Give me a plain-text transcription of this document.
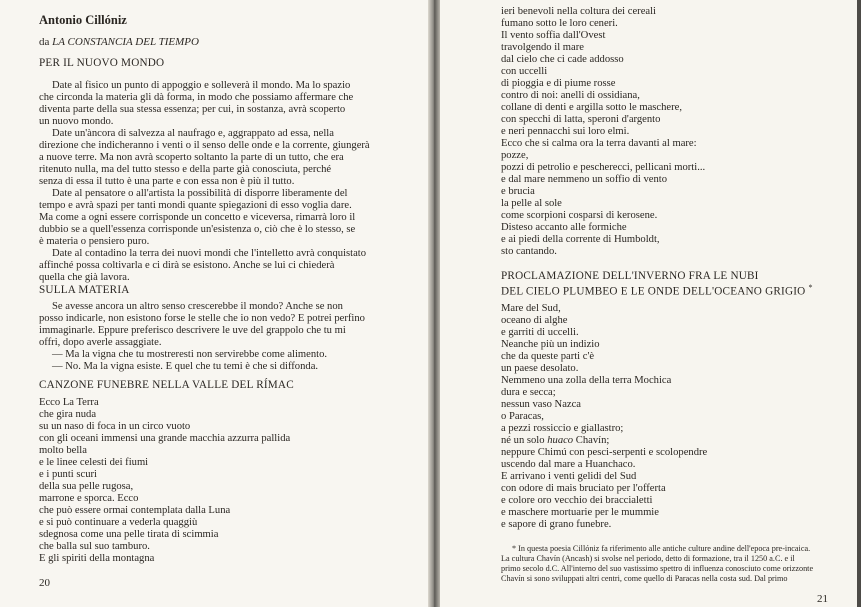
Antonio Cillóniz
da LA CONSTANCIA DEL TIEMPO
PER IL NUOVO MONDO
Date al fisico un punto di appoggio e solleverà il mondo. Ma lo spazio
che circonda la materia gli dà forma, in modo che possiamo affermare che
diventa parte della sua stessa essenza; per cui, in sostanza, avrà scoperto
un nuovo mondo.
Date un'àncora di salvezza al naufrago e, aggrappato ad essa, nella
direzione che indicheranno i venti o il senso delle onde e la corrente, giungerà
a nuove terre. Ma non avrà scoperto soltanto la parte di un tutto, che era
ritenuto nulla, ma del tutto stesso e della parte già conosciuta, perché
senza di essa il tutto è una parte e con essa non è più il tutto.
Date al pensatore o all'artista la possibilità di disporre liberamente del
tempo e avrà spazi per tanti mondi quante spiegazioni di esso voglia dare.
Ma come a ogni essere corrisponde un concetto e viceversa, rimarrà loro il
dubbio se a quell'essenza corrisponde un'esistenza o, ciò che è lo stesso, se
è materia o pensiero puro.
Date al contadino la terra dei nuovi mondi che l'intelletto avrà conquistato
affinché possa coltivarla e ci dirà se esistono. Anche se lui ci chiederà
quella che già lavora.
SULLA MATERIA
Se avesse ancora un altro senso crescerebbe il mondo? Anche se non
posso indicarle, non esistono forse le stelle che io non vedo? E potrei perfino
immaginarle. Eppure preferisco descrivere le uve del grappolo che tu mi
offri, dopo averle assaggiate.
— Ma la vigna che tu mostreresti non servirebbe come alimento.
— No. Ma la vigna esiste. E quel che tu temi è che si diffonda.
CANZONE FUNEBRE NELLA VALLE DEL RÍMAC
Ecco La Terra
che gira nuda
su un naso di foca in un circo vuoto
con gli oceani immensi una grande macchia azzurra pallida
molto bella
e le linee celesti dei fiumi
e i punti scuri
della sua pelle rugosa,
marrone e sporca. Ecco
che può essere ormai contemplata dalla Luna
e si può continuare a vederla quaggiù
sdegnosa come una pelle tirata di scimmia
che balla sul suo tamburo.
E gli spiriti della montagna
20
ieri benevoli nella coltura dei cereali
fumano sotto le loro ceneri.
Il vento soffia dall'Ovest
travolgendo il mare
dal cielo che ci cade addosso
con uccelli
di pioggia e di piume rosse
contro di noi: anelli di ossidiana,
collane di denti e argilla sotto le maschere,
con specchi di latta, speroni d'argento
e neri pennacchi sui loro elmi.
Ecco che si calma ora la terra davanti al mare:
pozze,
pozzi di petrolio e pescherecci, pellicani morti...
e dal mare nemmeno un soffio di vento
e brucia
la pelle al sole
come scorpioni cosparsi di kerosene.
Disteso accanto alle formiche
e ai piedi della corrente di Humboldt,
sto cantando.
PROCLAMAZIONE DELL'INVERNO FRA LE NUBI
DEL CIELO PLUMBEO E LE ONDE DELL'OCEANO GRIGIO *
Mare del Sud,
oceano di alghe
e garriti di uccelli.
Neanche più un indizio
che da queste parti c'è
un paese desolato.
Nemmeno una zolla della terra Mochica
dura e secca;
nessun vaso Nazca
o Paracas,
a pezzi rossiccio e giallastro;
né un solo huaco Chavín;
neppure Chimú con pesci-serpenti e scolopendre
uscendo dal mare a Huanchaco.
E arrivano i venti gelidi del Sud
con odore di mais bruciato per l'offerta
e colore oro vecchio dei braccialetti
e maschere mortuarie per le mummie
e sapore di grano funebre.
* In questa poesia Cillóniz fa riferimento alle antiche culture andine dell'epoca pre-incaica.
La cultura Chavín (Ancash) si svolse nel periodo, detto di formazione, tra il 1250 a.C. e il
primo secolo d.C. All'interno del suo vastissimo spettro di influenza conosciuto come orizzonte
Chavín si sono sviluppati altri centri, come quello di Paracas nella costa sud. Dal primo
21
